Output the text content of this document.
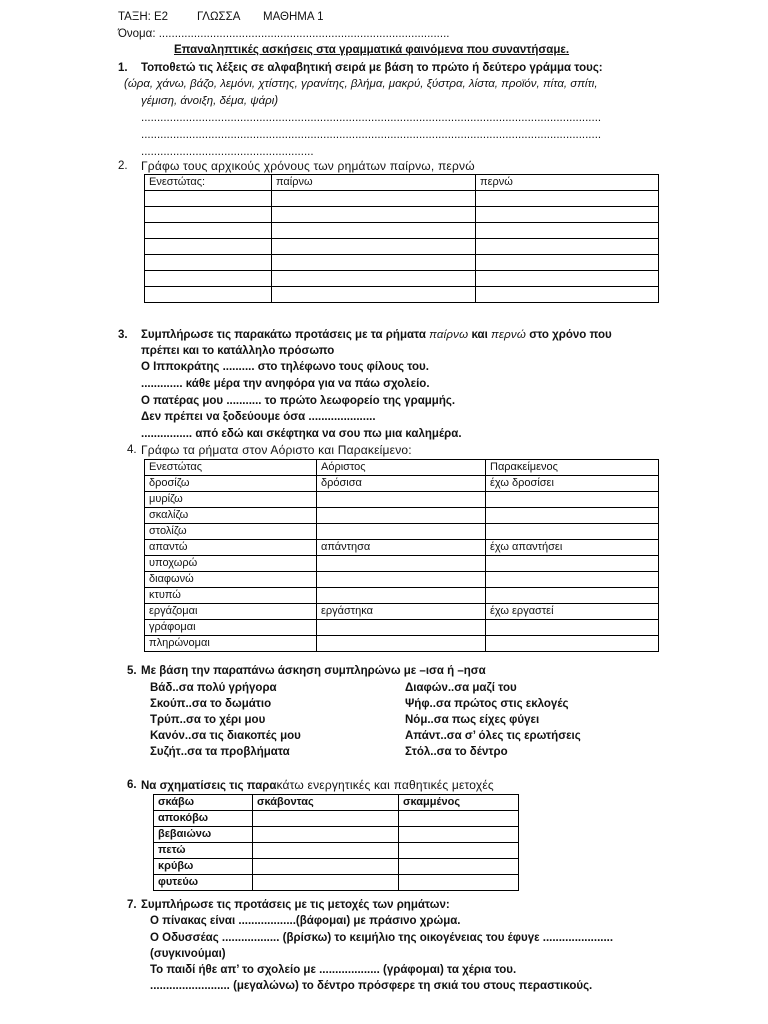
ΤΑΞΗ: Ε2	ΓΛΩΣΣΑ ΜΑΘΗΜΑ 1
Όνομα: ...........................................................................................
Επαναληπτικές ασκήσεις στα γραμματικά φαινόμενα που συναντήσαμε.
1. Τοποθετώ τις λέξεις σε αλφαβητική σειρά με βάση το πρώτο ή δεύτερο γράμμα τους:
(ώρα, χάνω, βάζο, λεμόνι, χτίστης, γρανίτης, βλήμα, μακρύ, ξύστρα, λίστα, προϊόν, πίτα, σπίτι,
γέμιση, άνοιξη, δέμα, ψάρι)
................................................................................................................................................
................................................................................................................................................
......................................................
2. Γράφω τους αρχικούς χρόνους των ρημάτων παίρνω, περνώ
Ενεστώτας:	παίρνω	περνώ

3. Συμπλήρωσε τις παρακάτω προτάσεις με τα ρήματα παίρνω και περνώ στο χρόνο που
πρέπει και το κατάλληλο πρόσωπο
Ο Ιπποκράτης .......... στο τηλέφωνο τους φίλους του.
............. κάθε μέρα την ανηφόρα για να πάω σχολείο.
Ο πατέρας μου ........... το πρώτο λεωφορείο της γραμμής.
Δεν πρέπει να ξοδεύουμε όσα .....................
................ από εδώ και σκέφτηκα να σου πω μια καλημέρα.
4. Γράφω τα ρήματα στον Αόριστο και Παρακείμενο:
Ενεστώτας	Αόριστος	Παρακείμενος
δροσίζω	δρόσισα	έχω δροσίσει
μυρίζω		
σκαλίζω		
στολίζω		
απαντώ	απάντησα	έχω απαντήσει
υποχωρώ		
διαφωνώ		
κτυπώ		
εργάζομαι	εργάστηκα	έχω εργαστεί
γράφομαι		
πληρώνομαι		
5. Με βάση την παραπάνω άσκηση συμπληρώνω με –ισα ή –ησα
Βάδ..σα πολύ γρήγορα
Σκούπ..σα το δωμάτιο
Τρύπ..σα το χέρι μου
Κανόν..σα τις διακοπές μου
Συζήτ..σα τα προβλήματα
Διαφών..σα μαζί του
Ψήφ..σα πρώτος στις εκλογές
Νόμ..σα πως είχες φύγει
Απάντ..σα σ’ όλες τις ερωτήσεις
Στόλ..σα το δέντρο
6. Να σχηματίσεις τις παρακάτω ενεργητικές και παθητικές μετοχές
σκάβω	σκάβοντας	σκαμμένος
αποκόβω		
βεβαιώνω		
πετώ		
κρύβω		
φυτεύω		
7. Συμπλήρωσε τις προτάσεις με τις μετοχές των ρημάτων:
Ο πίνακας είναι ..................(βάφομαι) με πράσινο χρώμα.
Ο Οδυσσέας .................. (βρίσκω) το κειμήλιο της οικογένειας του έφυγε ......................
(συγκινούμαι)
Το παιδί ήθε απ’ το σχολείο με ................... (γράφομαι) τα χέρια του.
......................... (μεγαλώνω) το δέντρο πρόσφερε τη σκιά του στους περαστικούς.
